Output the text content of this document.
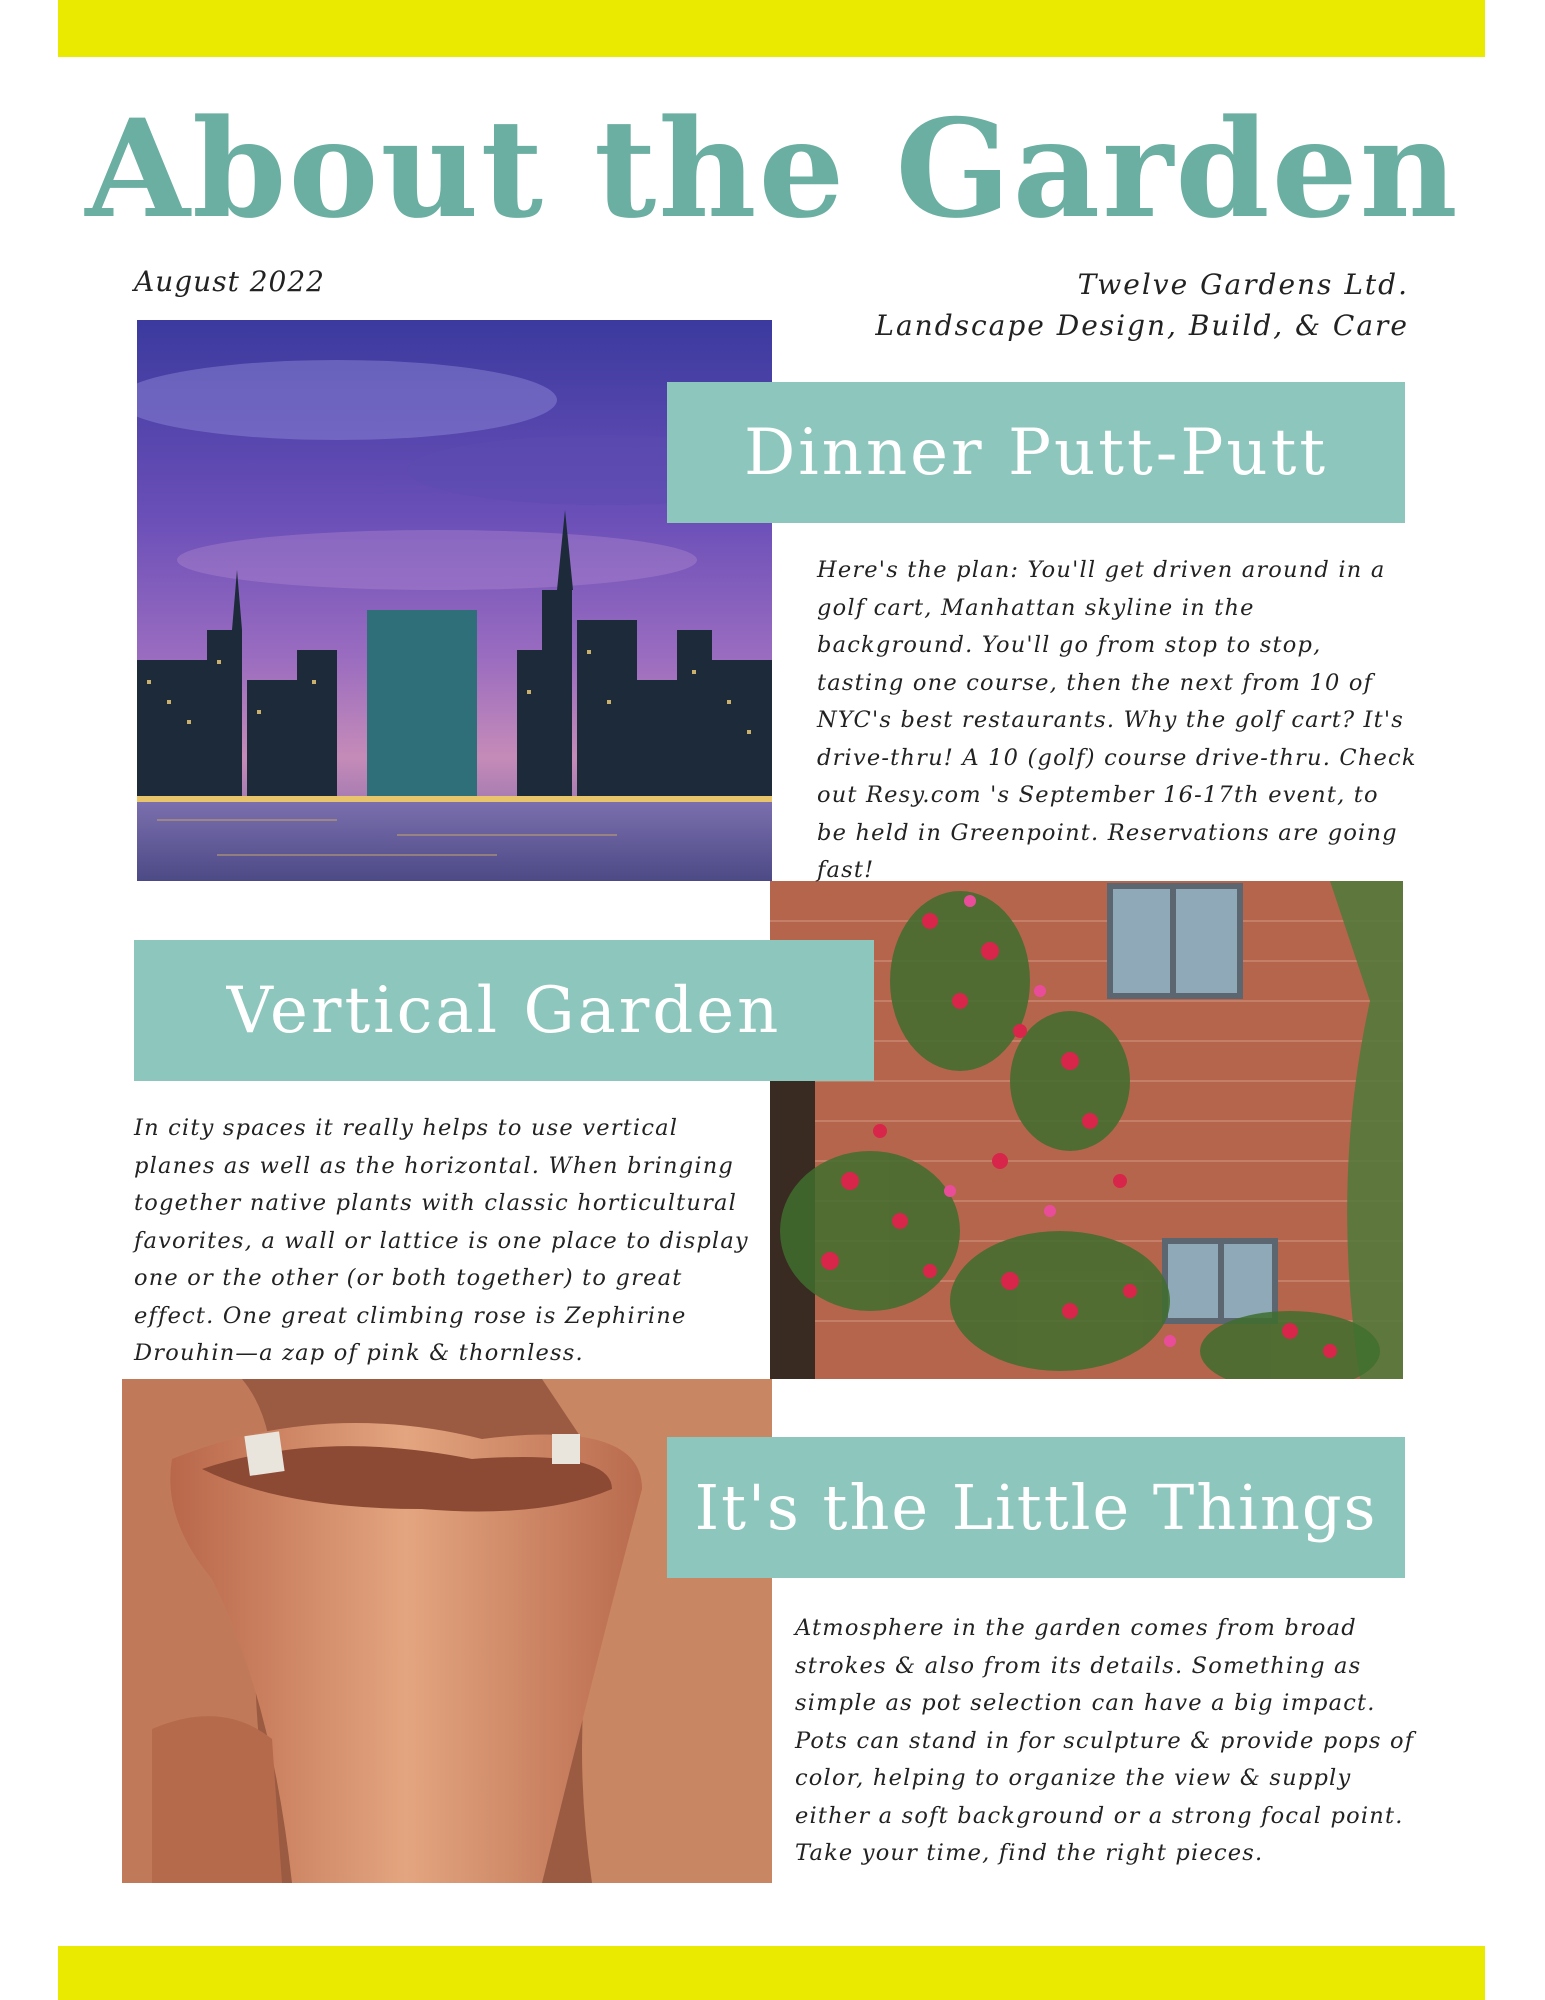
About the Garden
August 2022	Twelve Gardens Ltd.
Landscape Design, Build, & Care
Dinner Putt-Putt

Here's the plan: You'll get driven around in a golf cart, Manhattan skyline in the background. You'll go from stop to stop, tasting one course, then the next from 10 of NYC's best restaurants. Why the golf cart? It's drive-thru! A 10 (golf) course drive-thru. Check out Resy.com 's September 16-17th event, to be held in Greenpoint. Reservations are going fast!

Vertical Garden

In city spaces it really helps to use vertical planes as well as the horizontal. When bringing together native plants with classic horticultural favorites, a wall or lattice is one place to display one or the other (or both together) to great effect. One great climbing rose is Zephirine Drouhin—a zap of pink & thornless.

It's the Little Things

Atmosphere in the garden comes from broad strokes & also from its details. Something as simple as pot selection can have a big impact. Pots can stand in for sculpture & provide pops of color, helping to organize the view & supply either a soft background or a strong focal point. Take your time, find the right pieces.
